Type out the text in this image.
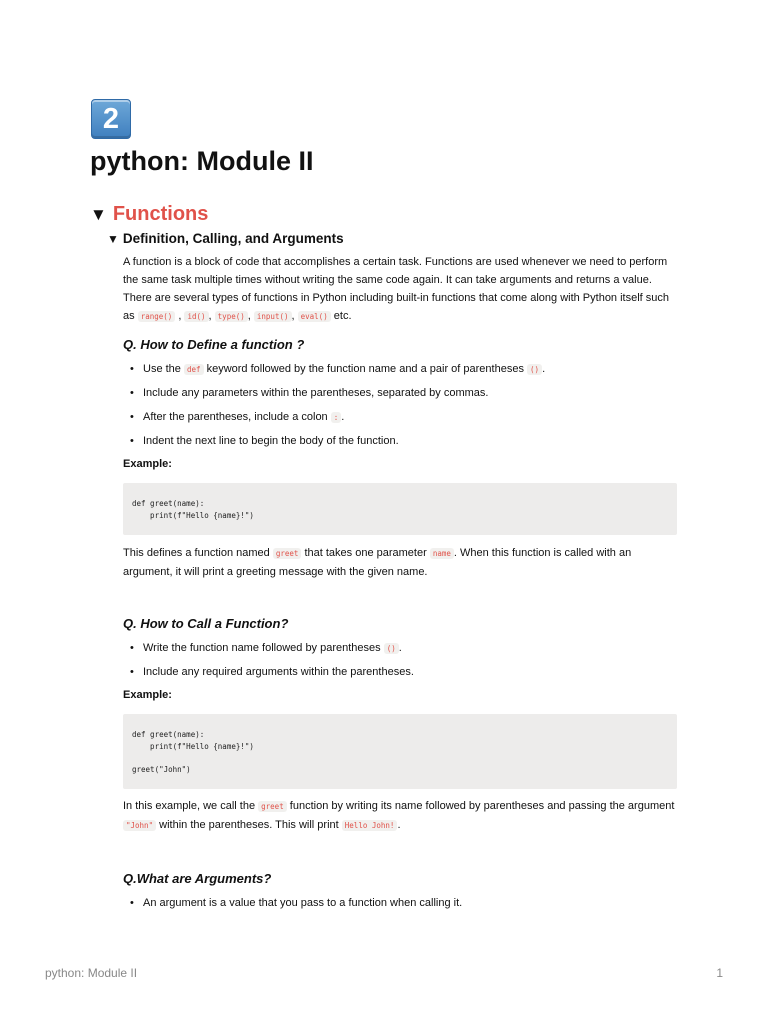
2
python: Module II
▼ Functions
▼ Definition, Calling, and Arguments

A function is a block of code that accomplishes a certain task. Functions are used whenever we need to perform the same task multiple times without writing the same code again. It can take arguments and returns a value. There are several types of functions in Python including built-in functions that come along with Python itself such as range() , id() , type() , input() , eval() etc.

Q. How to Define a function ?
• Use the def keyword followed by the function name and a pair of parentheses () .
• Include any parameters within the parentheses, separated by commas.
• After the parentheses, include a colon : .
• Indent the next line to begin the body of the function.
Example:
def greet(name):
print(f"Hello {name}!")

This defines a function named greet that takes one parameter name . When this function is called with an argument, it will print a greeting message with the given name.

Q. How to Call a Function?
• Write the function name followed by parentheses () .
• Include any required arguments within the parentheses.
Example:
def greet(name):
print(f"Hello {name}!")

greet("John")

In this example, we call the greet function by writing its name followed by parentheses and passing the argument "John" within the parentheses. This will print Hello John! .

Q.What are Arguments?
• An argument is a value that you pass to a function when calling it.
python: Module II	1
